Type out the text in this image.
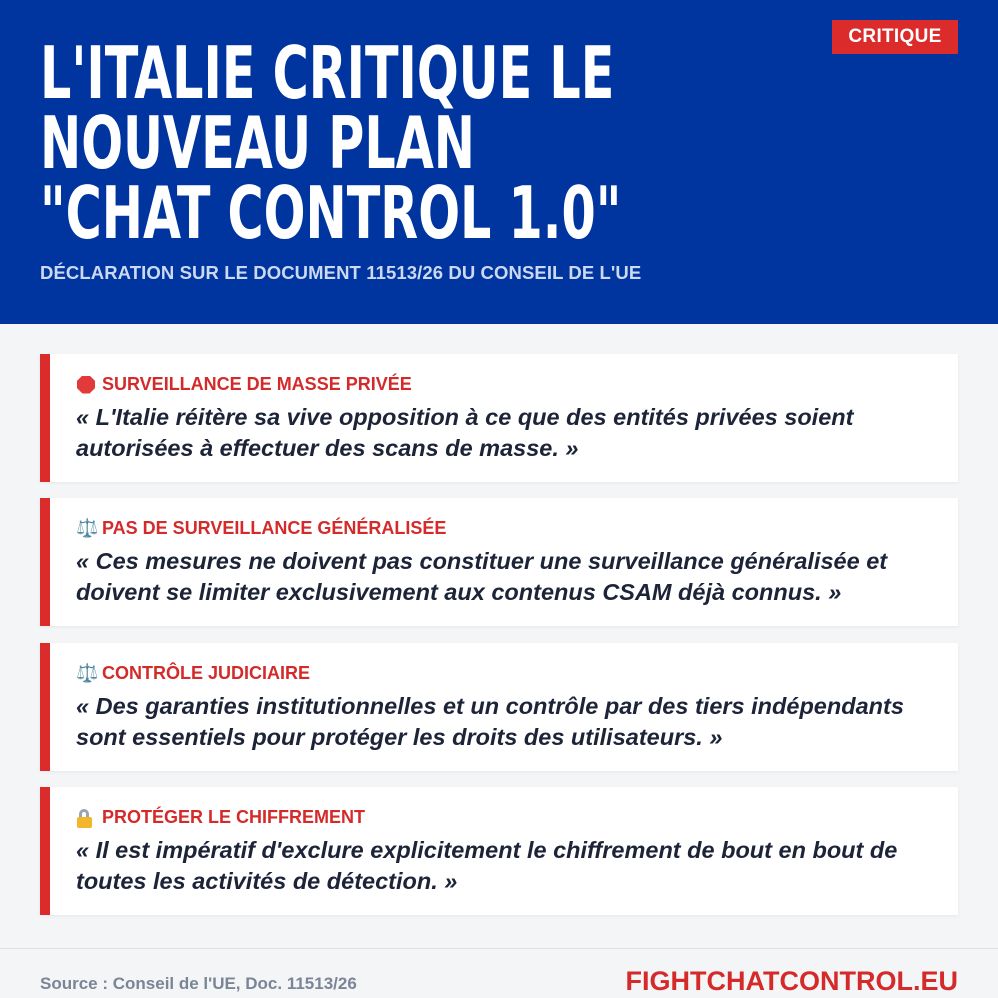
L'ITALIE CRITIQUE LE NOUVEAU PLAN "CHAT CONTROL 1.0"
DÉCLARATION SUR LE DOCUMENT 11513/26 DU CONSEIL DE L'UE
CRITIQUE
SURVEILLANCE DE MASSE PRIVÉE
« L'Italie réitère sa vive opposition à ce que des entités privées soient autorisées à effectuer des scans de masse. »
⚖️ PAS DE SURVEILLANCE GÉNÉRALISÉE
« Ces mesures ne doivent pas constituer une surveillance généralisée et doivent se limiter exclusivement aux contenus CSAM déjà connus. »
⚖️ CONTRÔLE JUDICIAIRE
« Des garanties institutionnelles et un contrôle par des tiers indépendants sont essentiels pour protéger les droits des utilisateurs. »
PROTÉGER LE CHIFFREMENT
« Il est impératif d'exclure explicitement le chiffrement de bout en bout de toutes les activités de détection. »
Source : Conseil de l'UE, Doc. 11513/26	FIGHTCHATCONTROL.EU
